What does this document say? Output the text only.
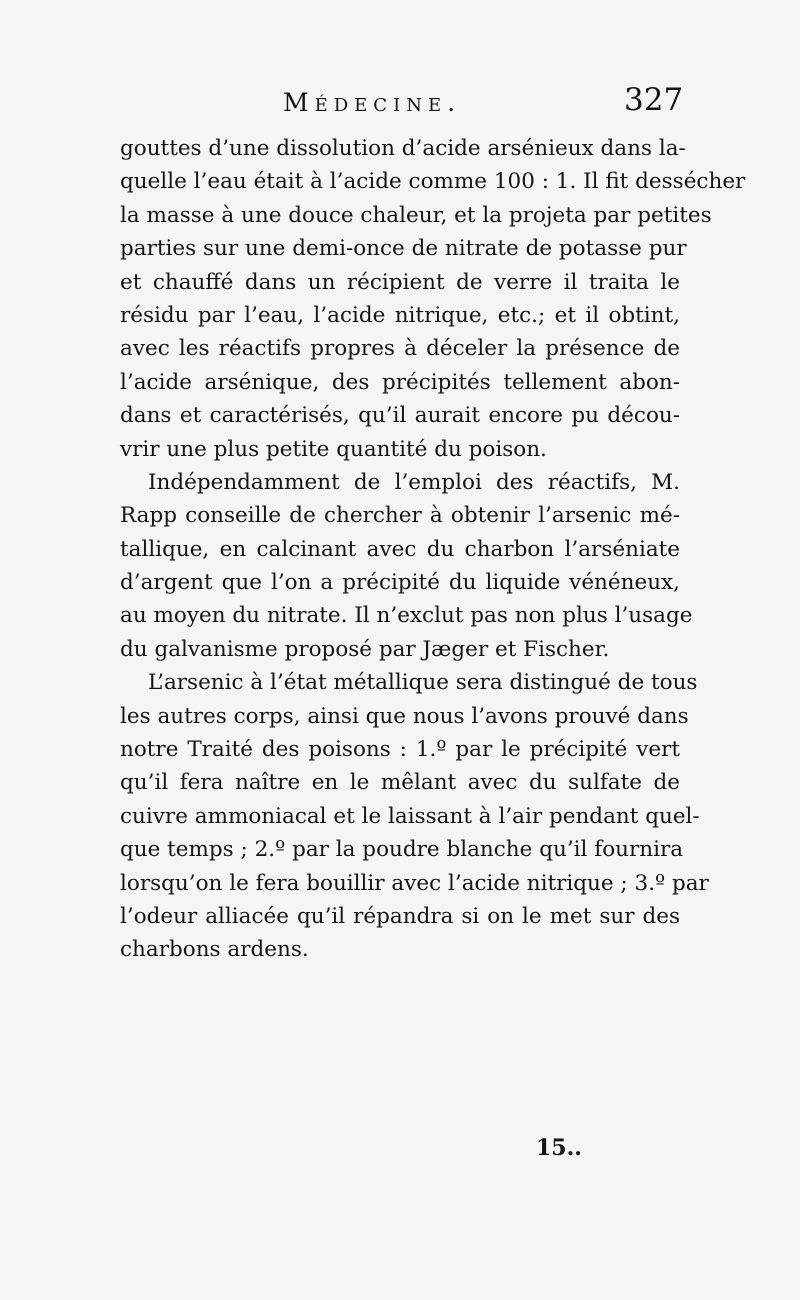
Médecine.	327
gouttes d’une dissolution d’acide arsénieux dans la-
quelle l’eau était à l’acide comme 100 : 1. Il fit dessécher
la masse à une douce chaleur, et la projeta par petites
parties sur une demi-once de nitrate de potasse pur
et chauffé dans un récipient de verre il traita le
résidu par l’eau, l’acide nitrique, etc.; et il obtint,
avec les réactifs propres à déceler la présence de
l’acide arsénique, des précipités tellement abon-
dans et caractérisés, qu’il aurait encore pu décou-
vrir une plus petite quantité du poison.
Indépendamment de l’emploi des réactifs, M.
Rapp conseille de chercher à obtenir l’arsenic mé-
tallique, en calcinant avec du charbon l’arséniate
d’argent que l’on a précipité du liquide vénéneux,
au moyen du nitrate. Il n’exclut pas non plus l’usage
du galvanisme proposé par Jæger et Fischer.
L’arsenic à l’état métallique sera distingué de tous
les autres corps, ainsi que nous l’avons prouvé dans
notre Traité des poisons : 1.º par le précipité vert
qu’il fera naître en le mêlant avec du sulfate de
cuivre ammoniacal et le laissant à l’air pendant quel-
que temps ; 2.º par la poudre blanche qu’il fournira
lorsqu’on le fera bouillir avec l’acide nitrique ; 3.º par
l’odeur alliacée qu’il répandra si on le met sur des
charbons ardens.
15..
